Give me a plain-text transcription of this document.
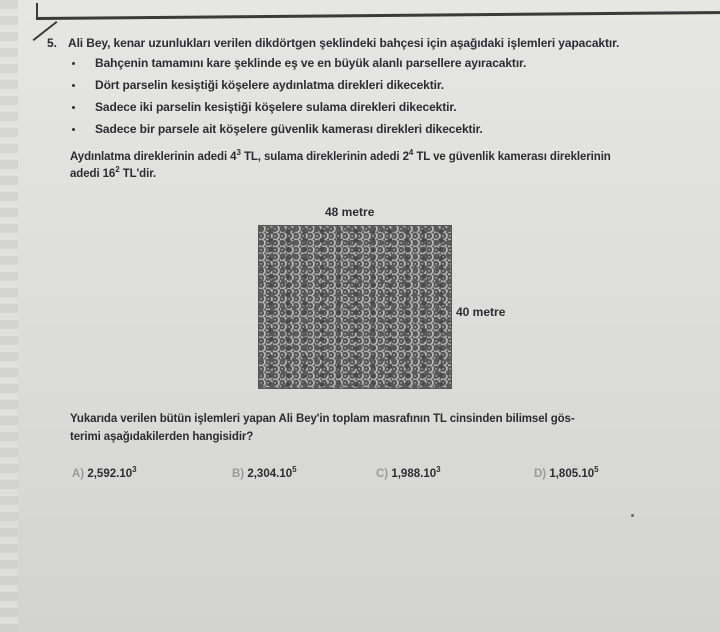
5. Ali Bey, kenar uzunlukları verilen dikdörtgen şeklindeki bahçesi için aşağıdaki işlemleri yapacaktır.
Bahçenin tamamını kare şeklinde eş ve en büyük alanlı parsellere ayıracaktır.
Dört parselin kesiştiği köşelere aydınlatma direkleri dikecektir.
Sadece iki parselin kesiştiği köşelere sulama direkleri dikecektir.
Sadece bir parsele ait köşelere güvenlik kamerası direkleri dikecektir.
Aydınlatma direklerinin adedi $4^3$ TL, sulama direklerinin adedi $2^4$ TL ve güvenlik kamerası direklerinin
adedi $16^2$ TL'dir.
48 metre
40 metre
Yukarıda verilen bütün işlemleri yapan Ali Bey'in toplam masrafının TL cinsinden bilimsel gös-
terimi aşağıdakilerden hangisidir?
A) 2,592.10$^3$	B) 2,304.10$^5$	C) 1,988.10$^3$	D) 1,805.10$^5$
